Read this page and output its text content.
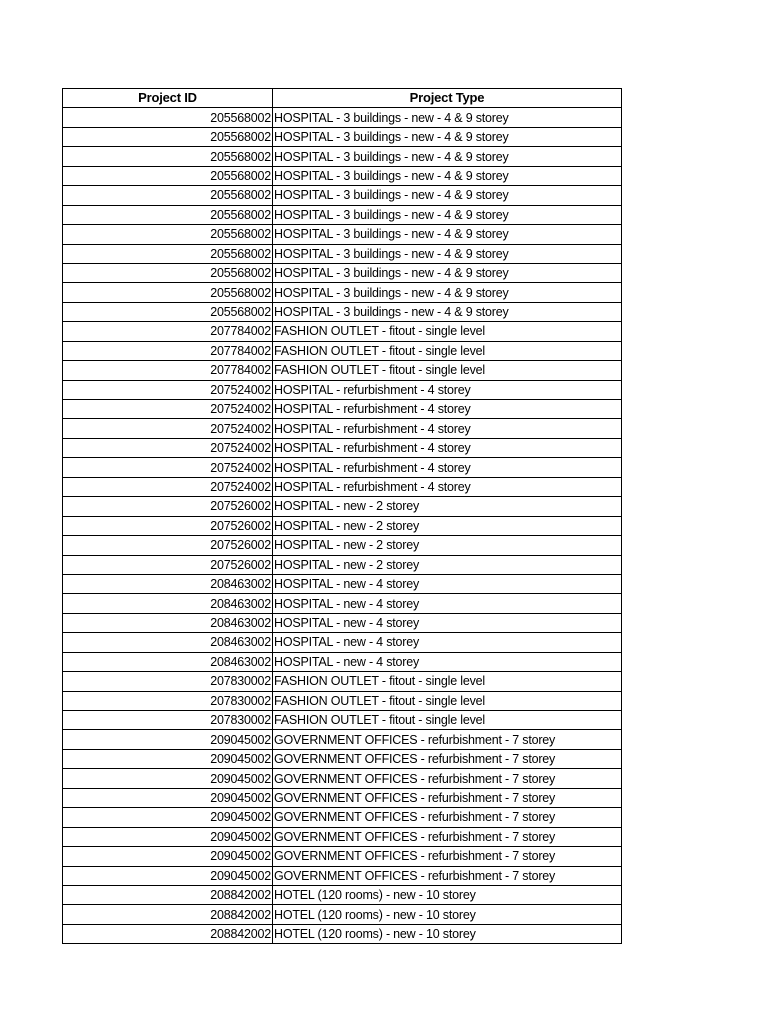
Project ID	Project Type
205568002	HOSPITAL - 3 buildings - new - 4 & 9 storey
205568002	HOSPITAL - 3 buildings - new - 4 & 9 storey
205568002	HOSPITAL - 3 buildings - new - 4 & 9 storey
205568002	HOSPITAL - 3 buildings - new - 4 & 9 storey
205568002	HOSPITAL - 3 buildings - new - 4 & 9 storey
205568002	HOSPITAL - 3 buildings - new - 4 & 9 storey
205568002	HOSPITAL - 3 buildings - new - 4 & 9 storey
205568002	HOSPITAL - 3 buildings - new - 4 & 9 storey
205568002	HOSPITAL - 3 buildings - new - 4 & 9 storey
205568002	HOSPITAL - 3 buildings - new - 4 & 9 storey
205568002	HOSPITAL - 3 buildings - new - 4 & 9 storey
207784002	FASHION OUTLET - fitout - single level
207784002	FASHION OUTLET - fitout - single level
207784002	FASHION OUTLET - fitout - single level
207524002	HOSPITAL - refurbishment - 4 storey
207524002	HOSPITAL - refurbishment - 4 storey
207524002	HOSPITAL - refurbishment - 4 storey
207524002	HOSPITAL - refurbishment - 4 storey
207524002	HOSPITAL - refurbishment - 4 storey
207524002	HOSPITAL - refurbishment - 4 storey
207526002	HOSPITAL - new - 2 storey
207526002	HOSPITAL - new - 2 storey
207526002	HOSPITAL - new - 2 storey
207526002	HOSPITAL - new - 2 storey
208463002	HOSPITAL - new - 4 storey
208463002	HOSPITAL - new - 4 storey
208463002	HOSPITAL - new - 4 storey
208463002	HOSPITAL - new - 4 storey
208463002	HOSPITAL - new - 4 storey
207830002	FASHION OUTLET - fitout - single level
207830002	FASHION OUTLET - fitout - single level
207830002	FASHION OUTLET - fitout - single level
209045002	GOVERNMENT OFFICES - refurbishment - 7 storey
209045002	GOVERNMENT OFFICES - refurbishment - 7 storey
209045002	GOVERNMENT OFFICES - refurbishment - 7 storey
209045002	GOVERNMENT OFFICES - refurbishment - 7 storey
209045002	GOVERNMENT OFFICES - refurbishment - 7 storey
209045002	GOVERNMENT OFFICES - refurbishment - 7 storey
209045002	GOVERNMENT OFFICES - refurbishment - 7 storey
209045002	GOVERNMENT OFFICES - refurbishment - 7 storey
208842002	HOTEL (120 rooms) - new - 10 storey
208842002	HOTEL (120 rooms) - new - 10 storey
208842002	HOTEL (120 rooms) - new - 10 storey
